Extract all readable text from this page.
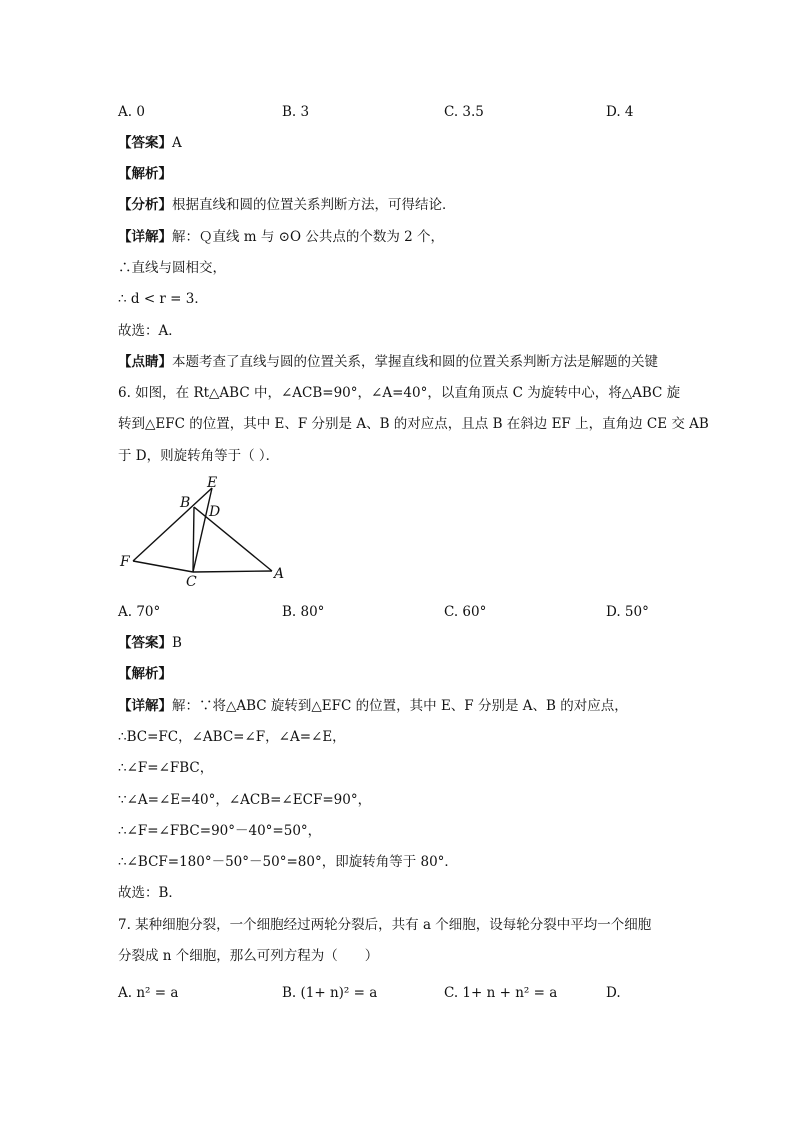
A. 0	B. 3	C. 3.5	D. 4
【答案】A
【解析】
【分析】根据直线和圆的位置关系判断方法，可得结论．
【详解】解：Ｑ直线 m 与 ⊙O 公共点的个数为 2 个，
∴直线与圆相交，
∴ d < r = 3．
故选：A．
【点睛】本题考查了直线与圆的位置关系，掌握直线和圆的位置关系判断方法是解题的关键
6. 如图，在 Rt△ABC 中，∠ACB=90°，∠A=40°，以直角顶点 C 为旋转中心，将△ABC 旋
转到△EFC 的位置，其中 E、F 分别是 A、B 的对应点，且点 B 在斜边 EF 上，直角边 CE 交 AB
于 D，则旋转角等于（ ）．
E
B
D
F
C	A
A. 70°	B. 80°	C. 60°	D. 50°
【答案】B
【解析】
【详解】解：∵将△ABC 旋转到△EFC 的位置，其中 E、F 分别是 A、B 的对应点，
∴BC=FC，∠ABC=∠F，∠A=∠E，
∴∠F=∠FBC，
∵∠A=∠E=40°，∠ACB=∠ECF=90°，
∴∠F=∠FBC=90°－40°=50°，
∴∠BCF=180°－50°－50°=80°，即旋转角等于 80°．
故选：B．
7. 某种细胞分裂，一个细胞经过两轮分裂后，共有 a 个细胞，设每轮分裂中平均一个细胞
分裂成 n 个细胞，那么可列方程为（　　）
A. n² = a	B. (1+ n)² = a	C. 1+ n + n² = a	D.
